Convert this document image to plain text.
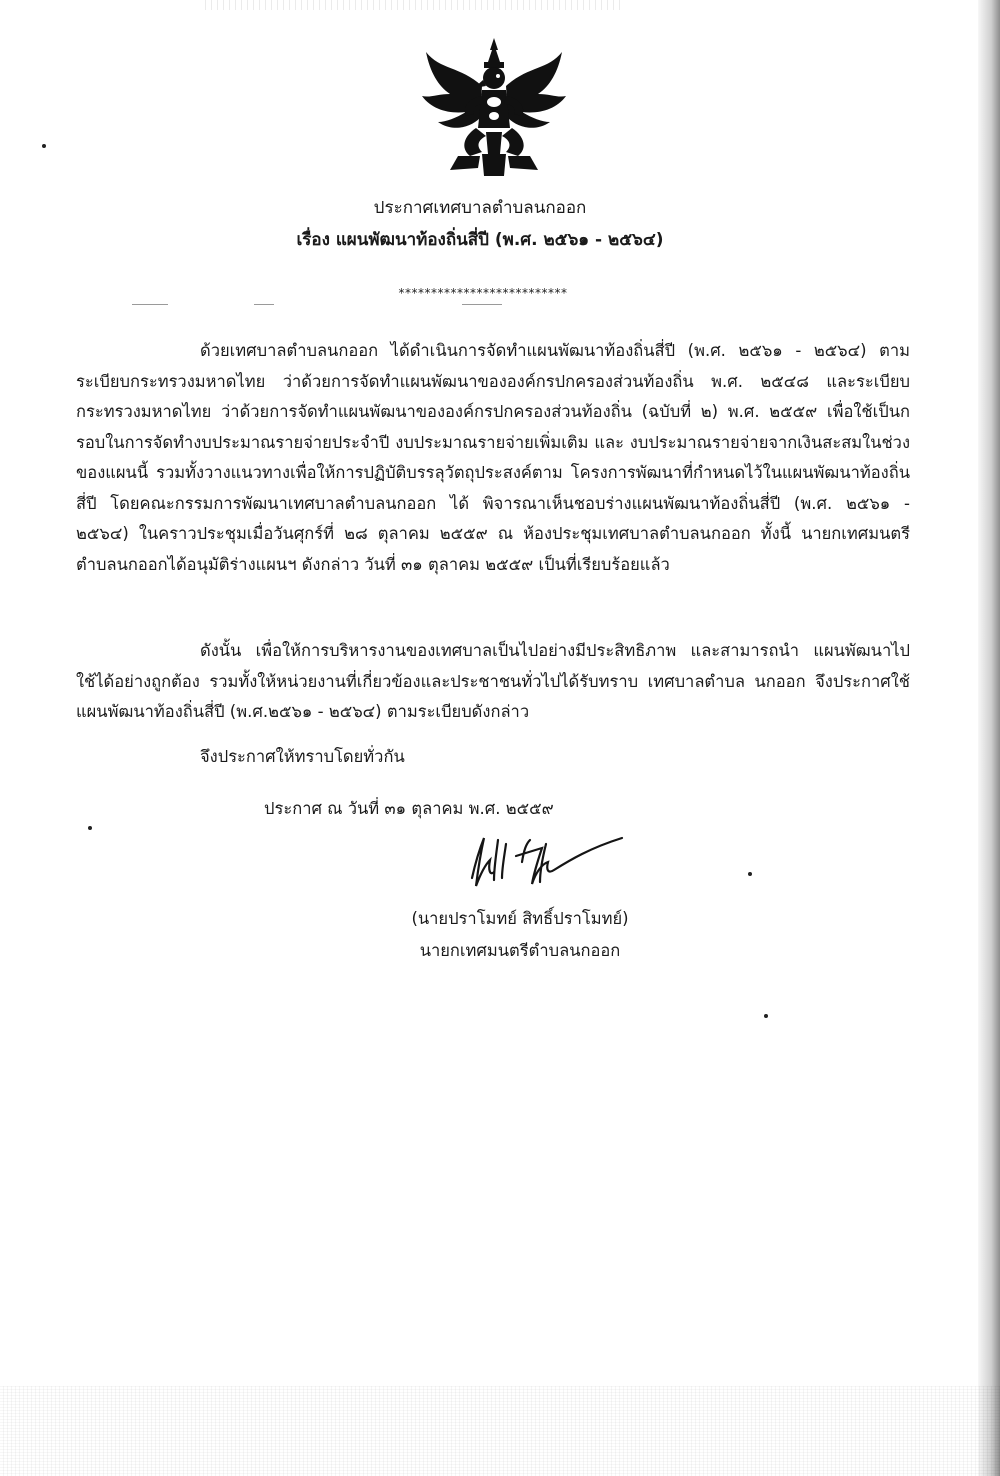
ประกาศเทศบาลตำบลนกออก
เรื่อง แผนพัฒนาท้องถิ่นสี่ปี (พ.ศ. ๒๕๖๑ - ๒๕๖๔)
**************************
ด้วยเทศบาลตำบลนกออก ได้ดำเนินการจัดทำแผนพัฒนาท้องถิ่นสี่ปี (พ.ศ. ๒๕๖๑ - ๒๕๖๔) ตามระเบียบกระทรวงมหาดไทย ว่าด้วยการจัดทำแผนพัฒนาขององค์กรปกครองส่วนท้องถิ่น พ.ศ. ๒๕๔๘ และระเบียบกระทรวงมหาดไทย ว่าด้วยการจัดทำแผนพัฒนาขององค์กรปกครองส่วนท้องถิ่น (ฉบับที่ ๒) พ.ศ. ๒๕๕๙ เพื่อใช้เป็นกรอบในการจัดทำงบประมาณรายจ่ายประจำปี งบประมาณรายจ่ายเพิ่มเติม และ งบประมาณรายจ่ายจากเงินสะสมในช่วงของแผนนี้ รวมทั้งวางแนวทางเพื่อให้การปฏิบัติบรรลุวัตถุประสงค์ตาม โครงการพัฒนาที่กำหนดไว้ในแผนพัฒนาท้องถิ่นสี่ปี โดยคณะกรรมการพัฒนาเทศบาลตำบลนกออก ได้ พิจารณาเห็นชอบร่างแผนพัฒนาท้องถิ่นสี่ปี (พ.ศ. ๒๕๖๑ - ๒๕๖๔) ในคราวประชุมเมื่อวันศุกร์ที่ ๒๘ ตุลาคม ๒๕๕๙ ณ ห้องประชุมเทศบาลตำบลนกออก ทั้งนี้ นายกเทศมนตรีตำบลนกออกได้อนุมัติร่างแผนฯ ดังกล่าว วันที่ ๓๑ ตุลาคม ๒๕๕๙ เป็นที่เรียบร้อยแล้ว
ดังนั้น เพื่อให้การบริหารงานของเทศบาลเป็นไปอย่างมีประสิทธิภาพ และสามารถนำ แผนพัฒนาไปใช้ได้อย่างถูกต้อง รวมทั้งให้หน่วยงานที่เกี่ยวข้องและประชาชนทั่วไปได้รับทราบ เทศบาลตำบล นกออก จึงประกาศใช้แผนพัฒนาท้องถิ่นสี่ปี (พ.ศ.๒๕๖๑ - ๒๕๖๔) ตามระเบียบดังกล่าว
จึงประกาศให้ทราบโดยทั่วกัน
ประกาศ ณ วันที่ ๓๑ ตุลาคม พ.ศ. ๒๕๕๙
(นายปราโมทย์ สิทธิ์ปราโมทย์)
นายกเทศมนตรีตำบลนกออก
